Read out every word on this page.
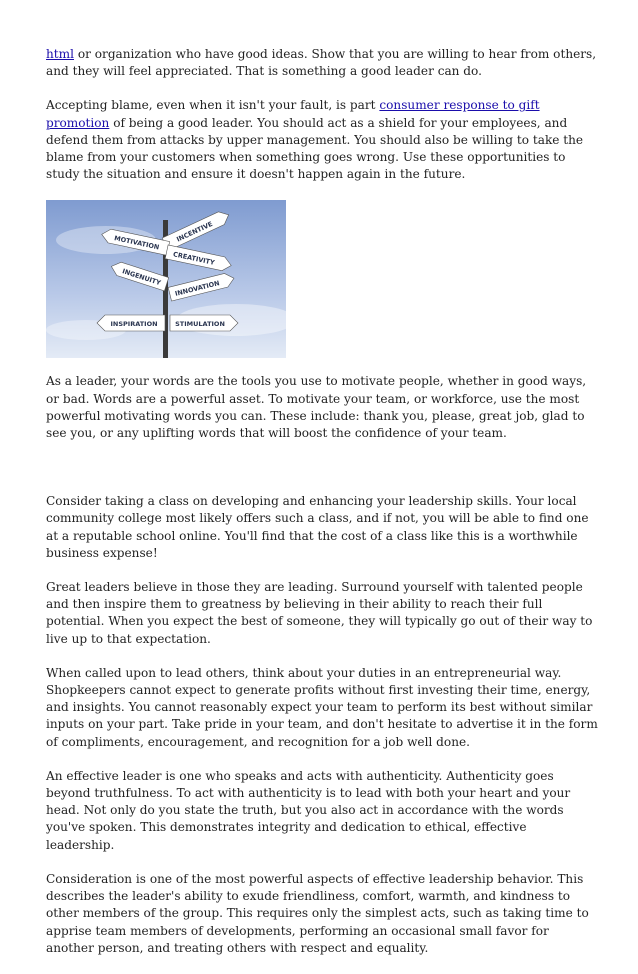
html or organization who have good ideas. Show that you are willing to hear from others, and they will feel appreciated. That is something a good leader can do.

Accepting blame, even when it isn't your fault, is part consumer response to gift promotion of being a good leader. You should act as a shield for your employees, and defend them from attacks by upper management. You should also be willing to take the blame from your customers when something goes wrong. Use these opportunities to study the situation and ensure it doesn't happen again in the future.

INCENTIVE
MOTIVATION
CREATIVITY
INGENUITY
INNOVATION
INSPIRATION	STIMULATION

As a leader, your words are the tools you use to motivate people, whether in good ways, or bad. Words are a powerful asset. To motivate your team, or workforce, use the most powerful motivating words you can. These include: thank you, please, great job, glad to see you, or any uplifting words that will boost the confidence of your team.

Consider taking a class on developing and enhancing your leadership skills. Your local community college most likely offers such a class, and if not, you will be able to find one at a reputable school online. You'll find that the cost of a class like this is a worthwhile business expense!

Great leaders believe in those they are leading. Surround yourself with talented people and then inspire them to greatness by believing in their ability to reach their full potential. When you expect the best of someone, they will typically go out of their way to live up to that expectation.

When called upon to lead others, think about your duties in an entrepreneurial way. Shopkeepers cannot expect to generate profits without first investing their time, energy, and insights. You cannot reasonably expect your team to perform its best without similar inputs on your part. Take pride in your team, and don't hesitate to advertise it in the form of compliments, encouragement, and recognition for a job well done.

An effective leader is one who speaks and acts with authenticity. Authenticity goes beyond truthfulness. To act with authenticity is to lead with both your heart and your head. Not only do you state the truth, but you also act in accordance with the words you've spoken. This demonstrates integrity and dedication to ethical, effective leadership.

Consideration is one of the most powerful aspects of effective leadership behavior. This describes the leader's ability to exude friendliness, comfort, warmth, and kindness to other members of the group. This requires only the simplest acts, such as taking time to apprise team members of developments, performing an occasional small favor for another person, and treating others with respect and equality.
